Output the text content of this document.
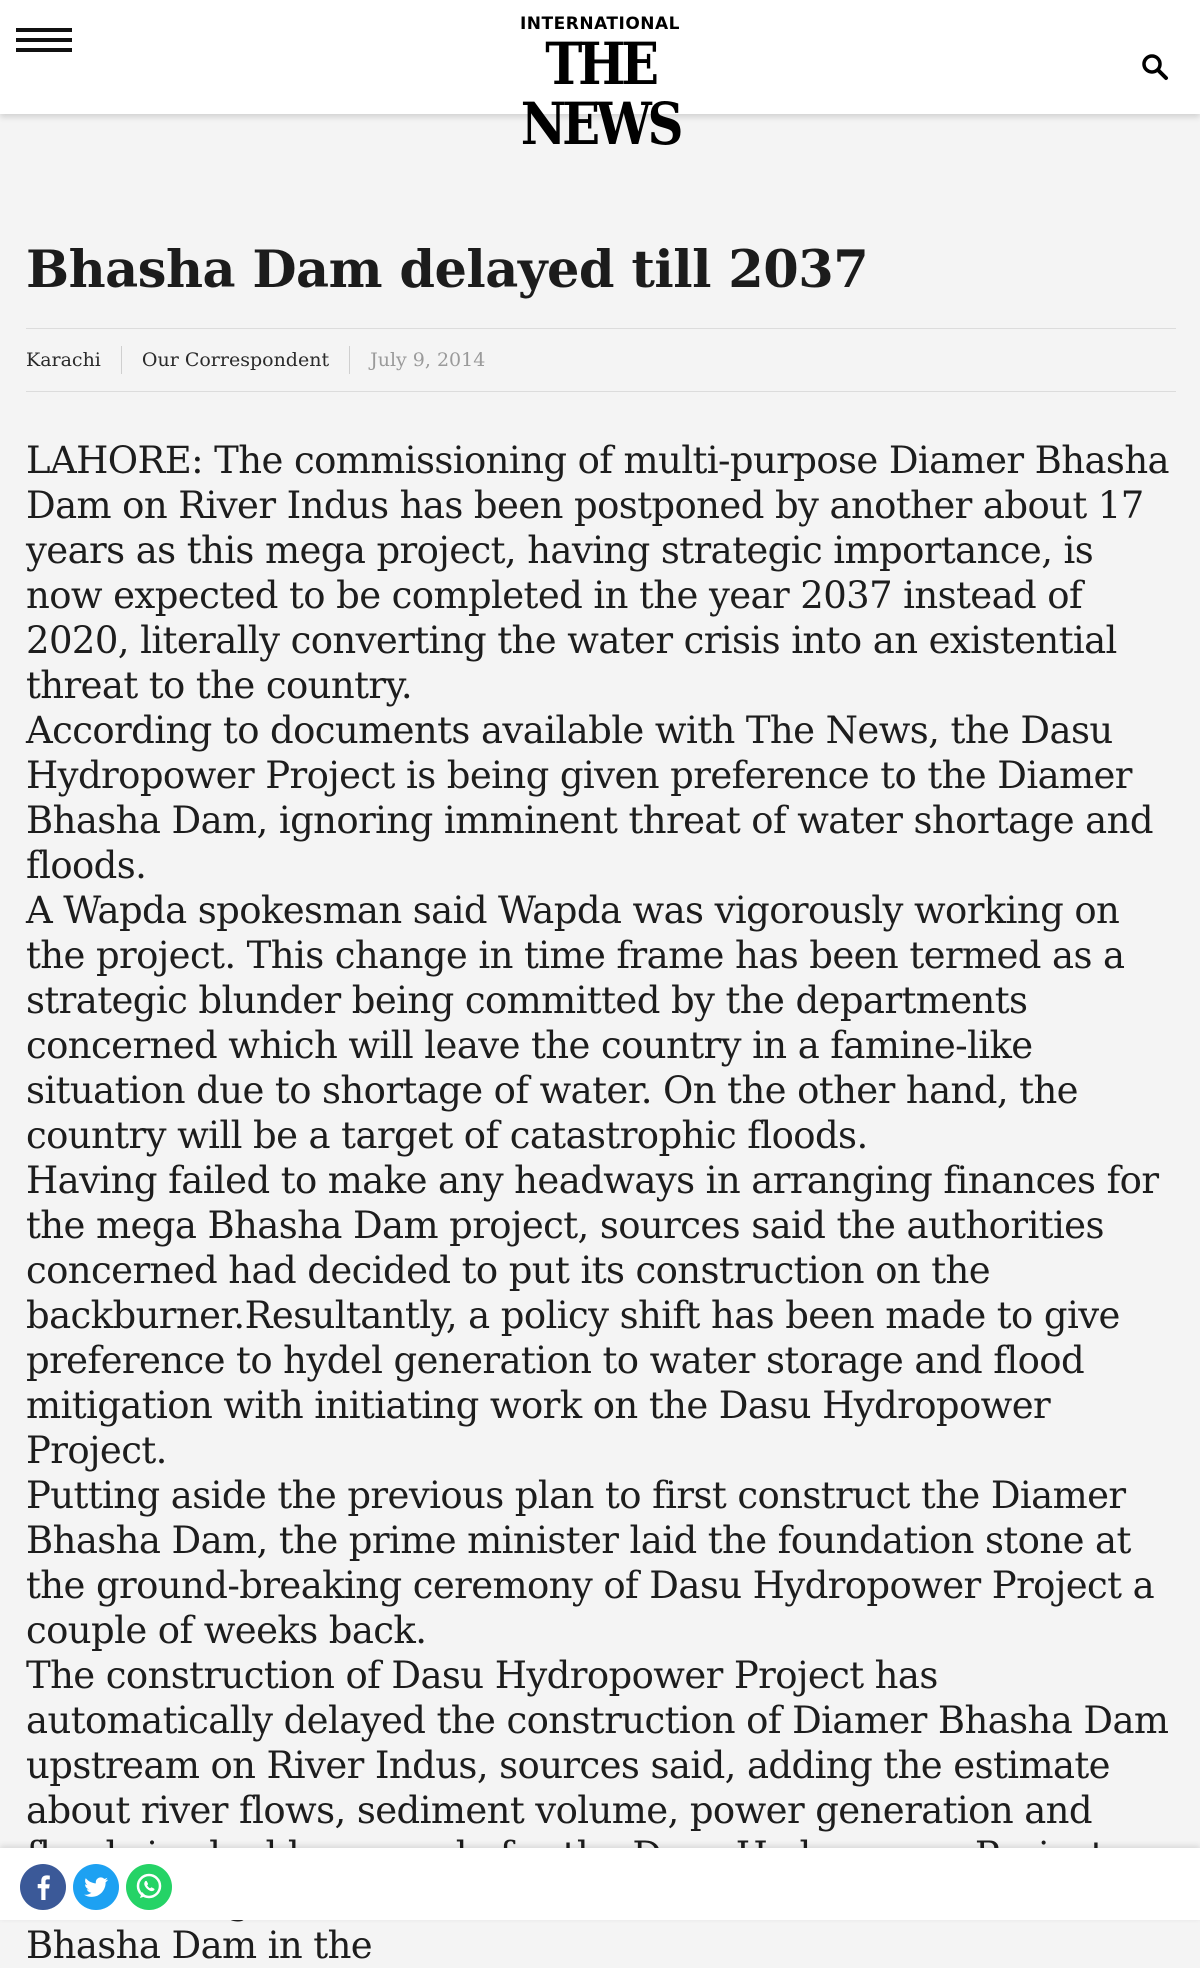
INTERNATIONAL
THE NEWS
Bhasha Dam delayed till 2037
Karachi Our Correspondent July 9, 2014

LAHORE: The commissioning of multi-purpose Diamer Bhasha Dam on River Indus has been postponed by another about 17 years as this mega project, having strategic importance, is now expected to be completed in the year 2037 instead of 2020, literally converting the water crisis into an existential threat to the country.

According to documents available with The News, the Dasu Hydropower Project is being given preference to the Diamer Bhasha Dam, ignoring imminent threat of water shortage and floods.

A Wapda spokesman said Wapda was vigorously working on the project. This change in time frame has been termed as a strategic blunder being committed by the departments concerned which will leave the country in a famine-like situation due to shortage of water. On the other hand, the country will be a target of catastrophic floods.

Having failed to make any headways in arranging finances for the mega Bhasha Dam project, sources said the authorities concerned had decided to put its construction on the backburner.Resultantly, a policy shift has been made to give preference to hydel generation to water storage and flood mitigation with initiating work on the Dasu Hydropower Project.

Putting aside the previous plan to first construct the Diamer Bhasha Dam, the prime minister laid the foundation stone at the ground-breaking ceremony of Dasu Hydropower Project a couple of weeks back.

The construction of Dasu Hydropower Project has automatically delayed the construction of Diamer Bhasha Dam upstream on River Indus, sources said, adding the estimate about river flows, sediment volume, power generation and Bhasha Dam in the
